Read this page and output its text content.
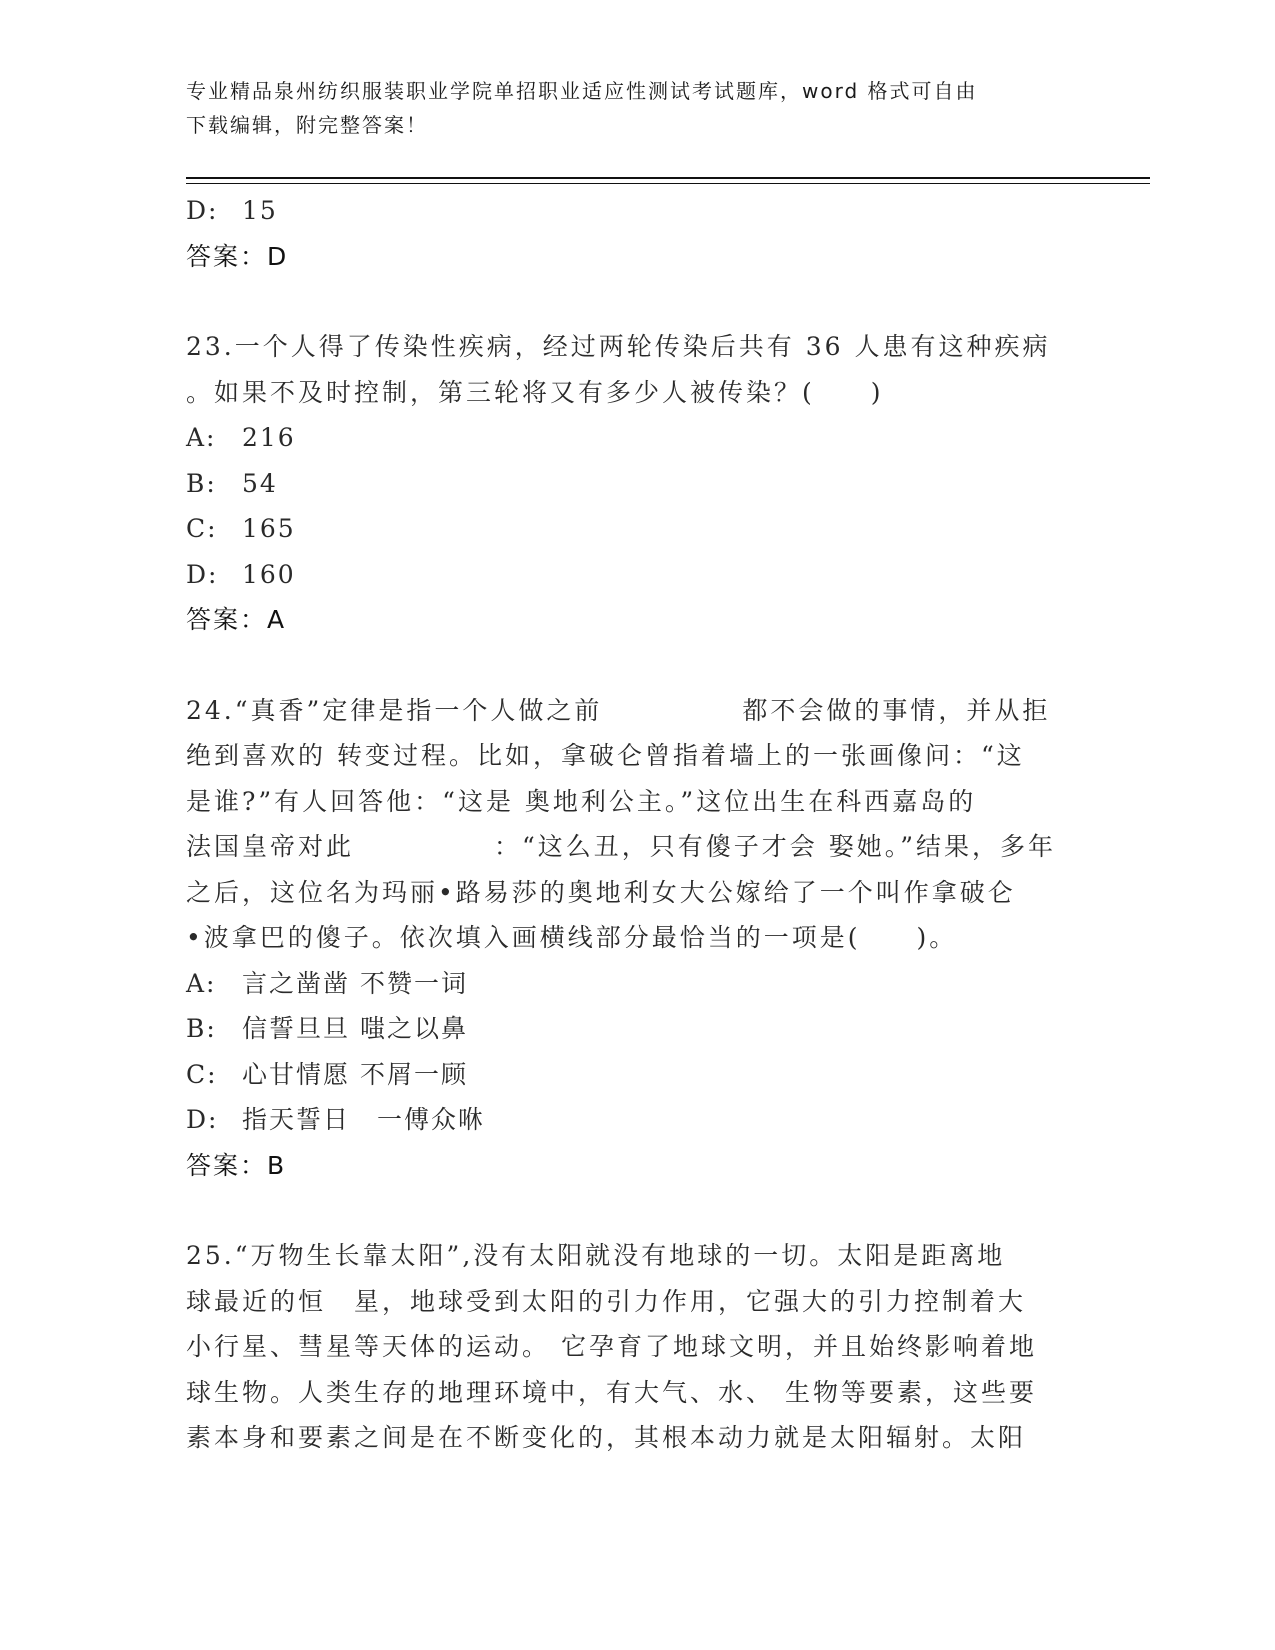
专业精品泉州纺织服装职业学院单招职业适应性测试考试题库，word 格式可自由
下载编辑，附完整答案！
D: 15
答案：D
23.一个人得了传染性疾病，经过两轮传染后共有 36 人患有这种疾病
。如果不及时控制，第三轮将又有多少人被传染？(　　)
A: 216
B: 54
C: 165
D: 160
答案：A
24.“真香”定律是指一个人做之前　　　　　都不会做的事情，并从拒
绝到喜欢的 转变过程。比如，拿破仑曾指着墙上的一张画像问：“这
是谁?”有人回答他：“这是 奥地利公主。”这位出生在科西嘉岛的
法国皇帝对此　　　　　：“这么丑，只有傻子才会 娶她。”结果，多年
之后，这位名为玛丽•路易莎的奥地利女大公嫁给了一个叫作拿破仑
•波拿巴的傻子。依次填入画横线部分最恰当的一项是(　　)。
A: 言之凿凿 不赞一词
B: 信誓旦旦 嗤之以鼻
C: 心甘情愿 不屑一顾
D: 指天誓日　一傅众咻
答案：B
25.“万物生长靠太阳”,没有太阳就没有地球的一切。太阳是距离地
球最近的恒　星，地球受到太阳的引力作用，它强大的引力控制着大
小行星、彗星等天体的运动。 它孕育了地球文明，并且始终影响着地
球生物。人类生存的地理环境中，有大气、水、 生物等要素，这些要
素本身和要素之间是在不断变化的，其根本动力就是太阳辐射。太阳
